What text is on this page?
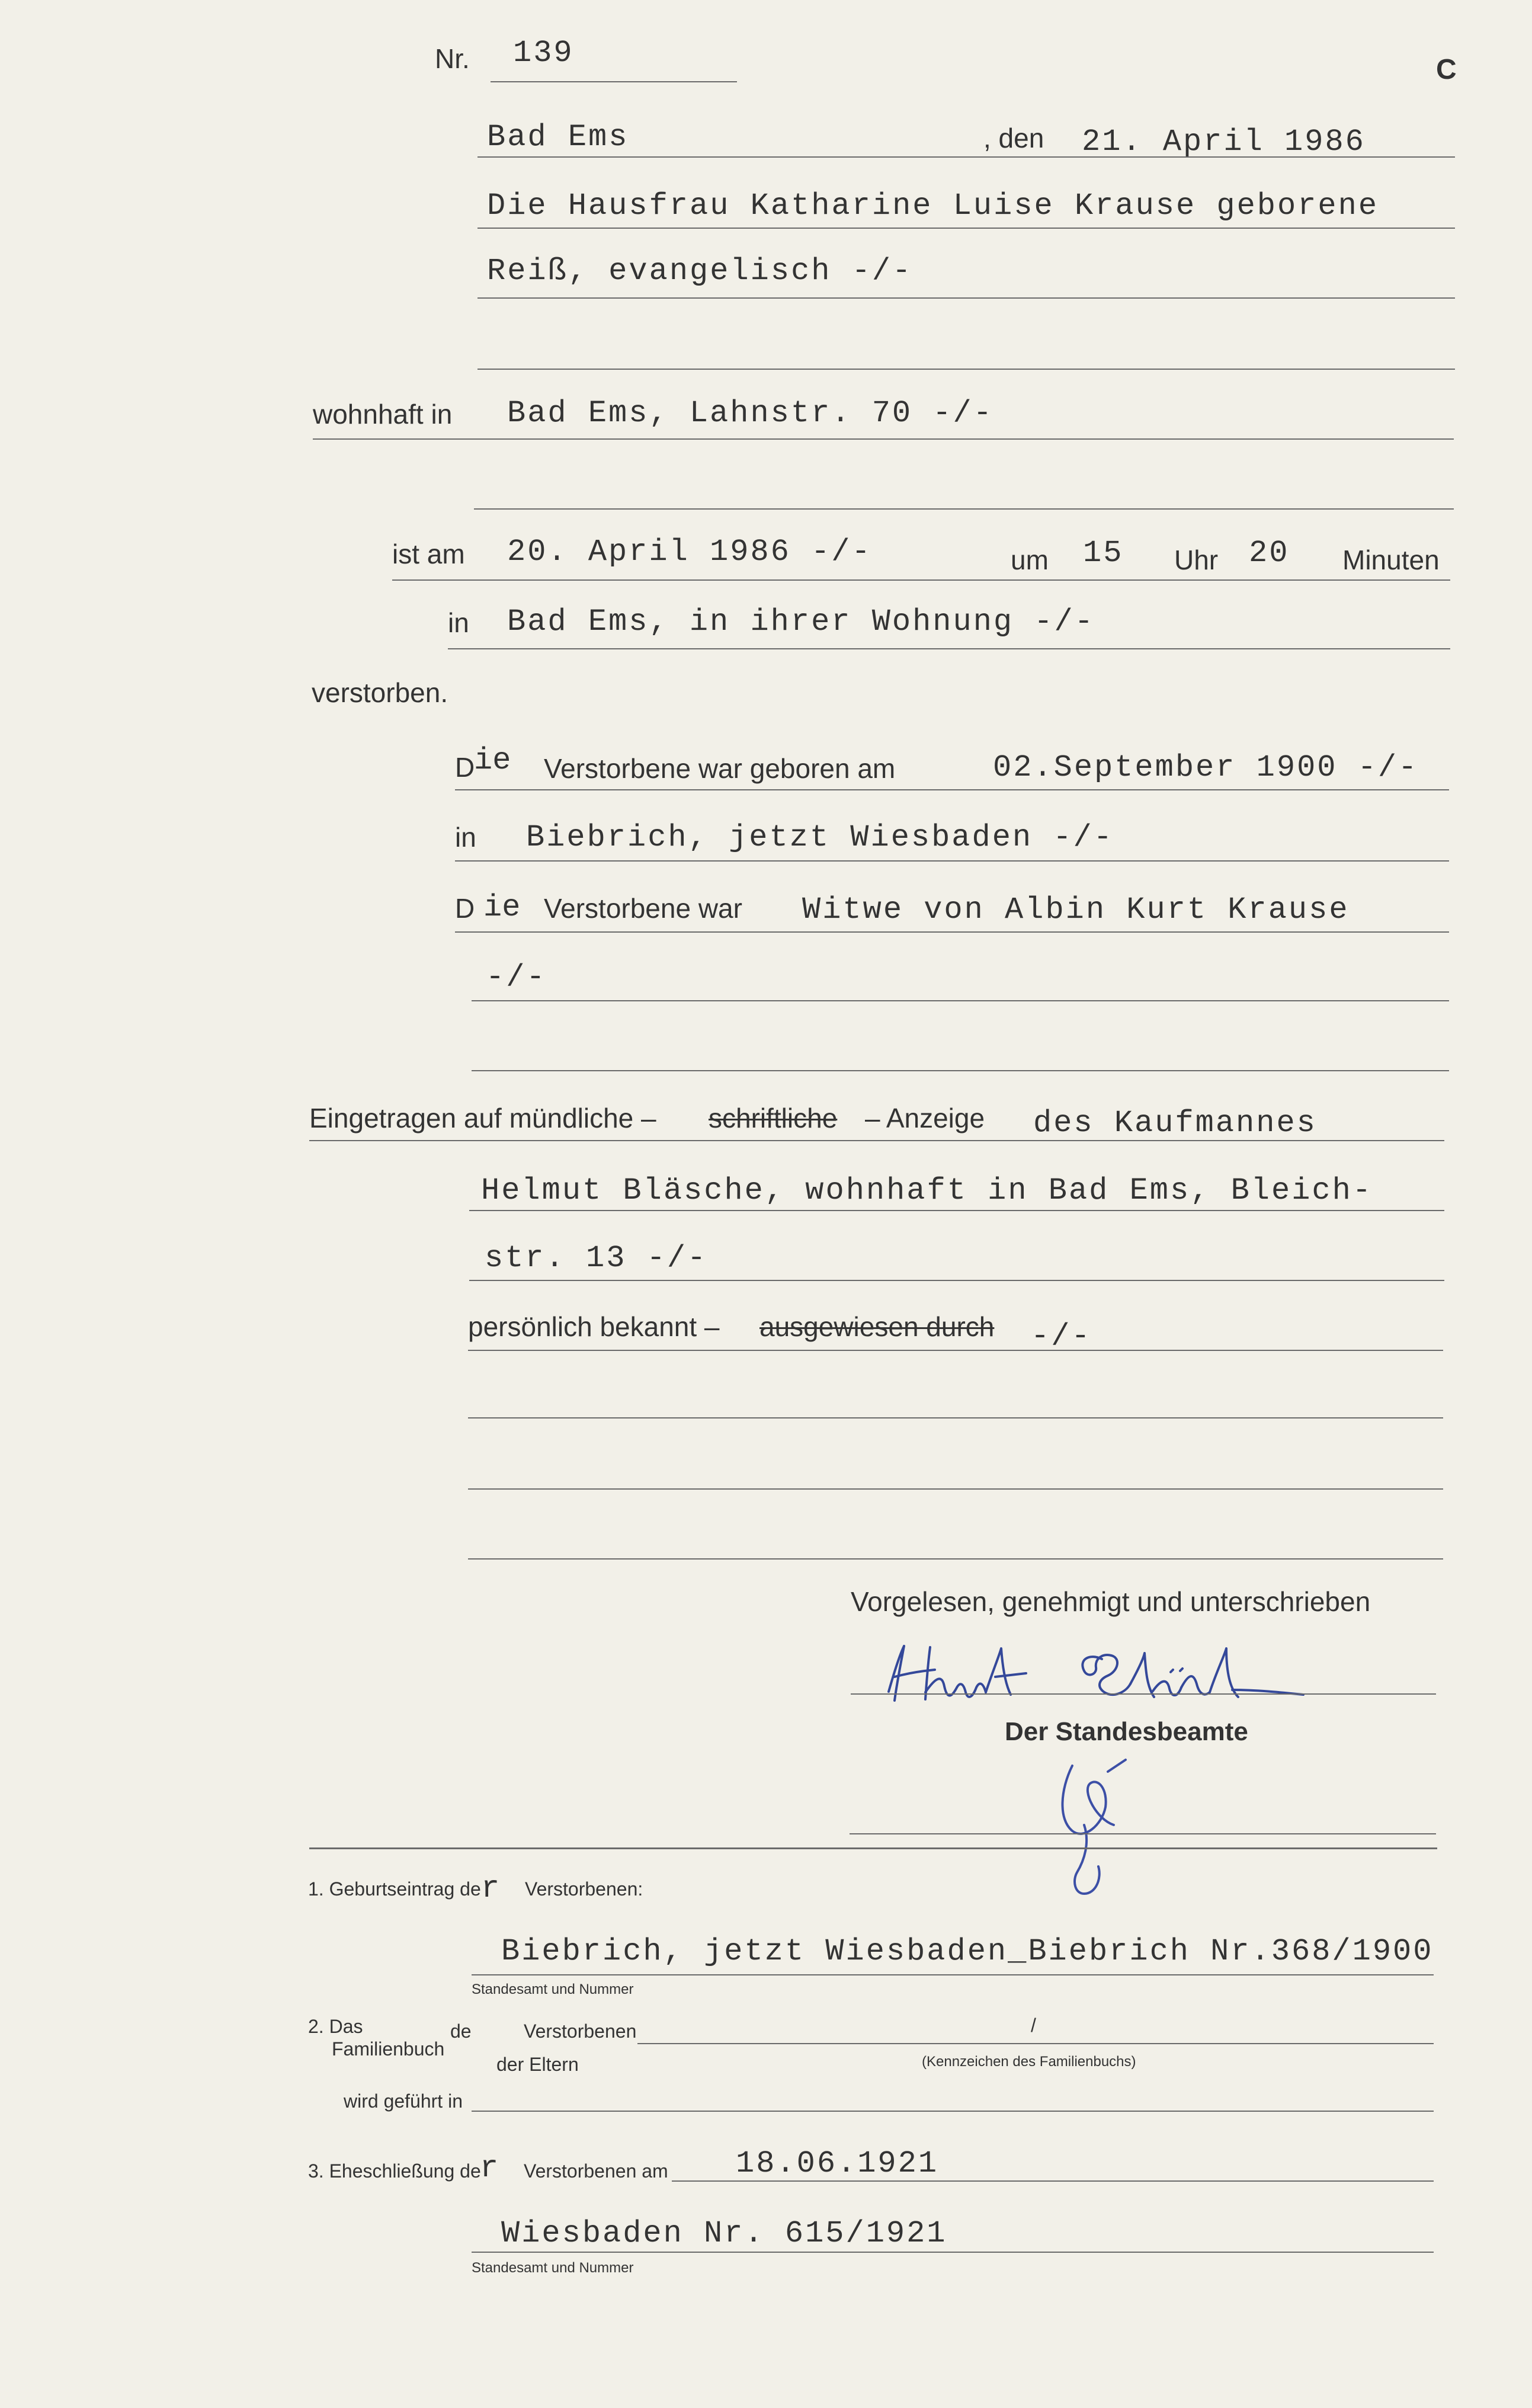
Nr. 139	C
Bad Ems	, den 21. April 1986
Die Hausfrau Katharine Luise Krause geborene
Reiß, evangelisch -/-
wohnhaft in Bad Ems, Lahnstr. 70 -/-
ist am 20. April 1986 -/-	um 15 Uhr 20 Minuten
in Bad Ems, in ihrer Wohnung -/-
verstorben.
D
ie Verstorbene war geboren am	02.September 1900 -/-
in Biebrich, jetzt Wiesbaden -/-
D ie Verstorbene war Witwe von Albin Kurt Krause
-/-
Eingetragen auf mündliche – schriftliche – Anzeige des Kaufmannes
Helmut Bläsche, wohnhaft in Bad Ems, Bleich-
str. 13 -/-
persönlich bekannt – ausgewiesen durch -/-
Vorgelesen, genehmigt und unterschrieben
Der Standesbeamte
1. Geburtseintrag de r Verstorbenen:
Biebrich, jetzt Wiesbaden_Biebrich Nr.368/1900
Standesamt und Nummer
2. Das
Familienbuch
de	Verstorbenen	/
der Eltern	(Kennzeichen des Familienbuchs)
wird geführt in
3. Eheschließung de
r Verstorbenen am 18.06.1921
Wiesbaden Nr. 615/1921
Standesamt und Nummer
